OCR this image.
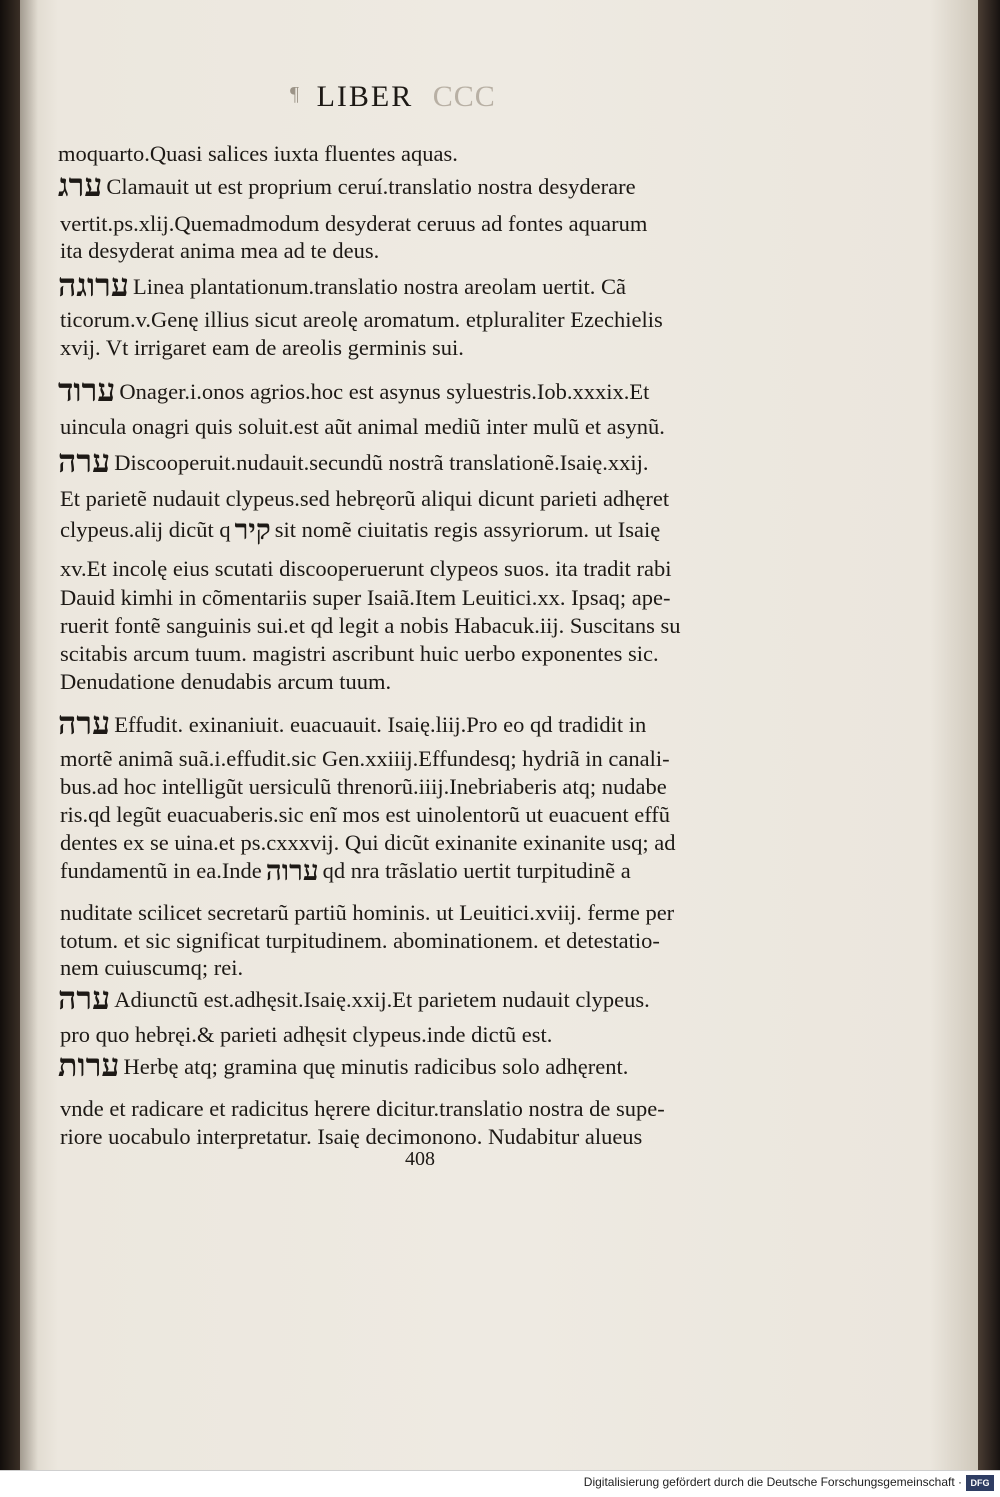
¶ LIBER CCC
moquarto.Quasi salices iuxta fluentes aquas.
ערג Clamauit ut est proprium ceruí.translatio nostra desyderare
vertit.ps.xlij.Quemadmodum desyderat ceruus ad fontes aquarum
ita desyderat anima mea ad te deus.
ערוגה Linea plantationum.translatio nostra areolam uertit. Cã
ticorum.v.Genę illius sicut areolę aromatum. etpluraliter Ezechielis
xvij. Vt irrigaret eam de areolis germinis sui.
ערוד Onager.i.onos agrios.hoc est asynus syluestris.Iob.xxxix.Et
uincula onagri quis soluit.est aũt animal mediũ inter mulũ et asynũ.
ערה Discooperuit.nudauit.secundũ nostrã translationẽ.Isaię.xxij.
Et parietẽ nudauit clypeus.sed hebręorũ aliqui dicunt parieti adhęret
clypeus.alij dicũt q קיר sit nomẽ ciuitatis regis assyriorum. ut Isaię
xv.Et incolę eius scutati discooperuerunt clypeos suos. ita tradit rabi
Dauid kimhi in cõmentariis super Isaiã.Item Leuitici.xx. Ipsaq; ape-
ruerit fontẽ sanguinis sui.et qd legit a nobis Habacuk.iij. Suscitans su
scitabis arcum tuum. magistri ascribunt huic uerbo exponentes sic.
Denudatione denudabis arcum tuum.
ערה Effudit. exinaniuit. euacuauit. Isaię.liij.Pro eo qd tradidit in
mortẽ animã suã.i.effudit.sic Gen.xxiiij.Effundesq; hydriã in canali-
bus.ad hoc intelligũt uersiculũ threnorũ.iiij.Inebriaberis atq; nudabe
ris.qd legũt euacuaberis.sic enĩ mos est uinolentorũ ut euacuent effũ
dentes ex se uina.et ps.cxxxvij. Qui dicũt exinanite exinanite usq; ad
fundamentũ in ea.Inde ערוה qd nra trãslatio uertit turpitudinẽ a
nuditate scilicet secretarũ partiũ hominis. ut Leuitici.xviij. ferme per
totum. et sic significat turpitudinem. abominationem. et detestatio-
nem cuiuscumq; rei.
ערה Adiunctũ est.adhęsit.Isaię.xxij.Et parietem nudauit clypeus.
pro quo hebręi.& parieti adhęsit clypeus.inde dictũ est.
ערות Herbę atq; gramina quę minutis radicibus solo adhęrent.
vnde et radicare et radicitus hęrere dicitur.translatio nostra de supe-
riore uocabulo interpretatur. Isaię decimonono. Nudabitur alueus
408
Digitalisierung gefördert durch die Deutsche Forschungsgemeinschaft · DFG
